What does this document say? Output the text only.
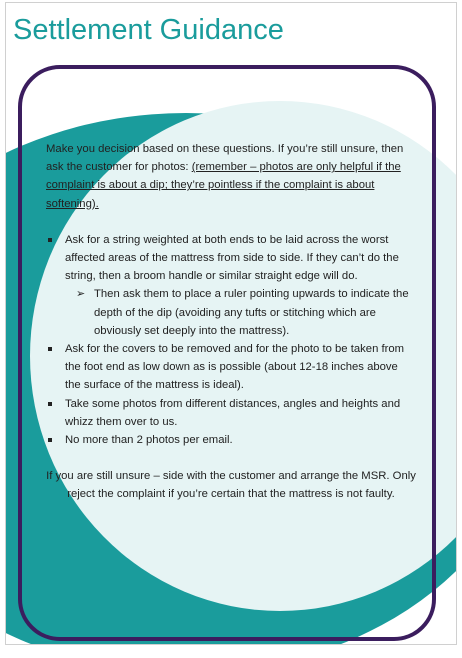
Settlement Guidance

Make you decision based on these questions. If you’re still unsure, then ask the customer for photos: (remember – photos are only helpful if the complaint is about a dip; they’re pointless if the complaint is about softening).

Ask for a string weighted at both ends to be laid across the worst affected areas of the mattress from side to side. If they can’t do the string, then a broom handle or similar straight edge will do.
➢ Then ask them to place a ruler pointing upwards to indicate the depth of the dip (avoiding any tufts or stitching which are obviously set deeply into the mattress).
Ask for the covers to be removed and for the photo to be taken from the foot end as low down as is possible (about 12-18 inches above the surface of the mattress is ideal).
Take some photos from different distances, angles and heights and whizz them over to us.
No more than 2 photos per email.

If you are still unsure – side with the customer and arrange the MSR. Only reject the complaint if you’re certain that the mattress is not faulty.
